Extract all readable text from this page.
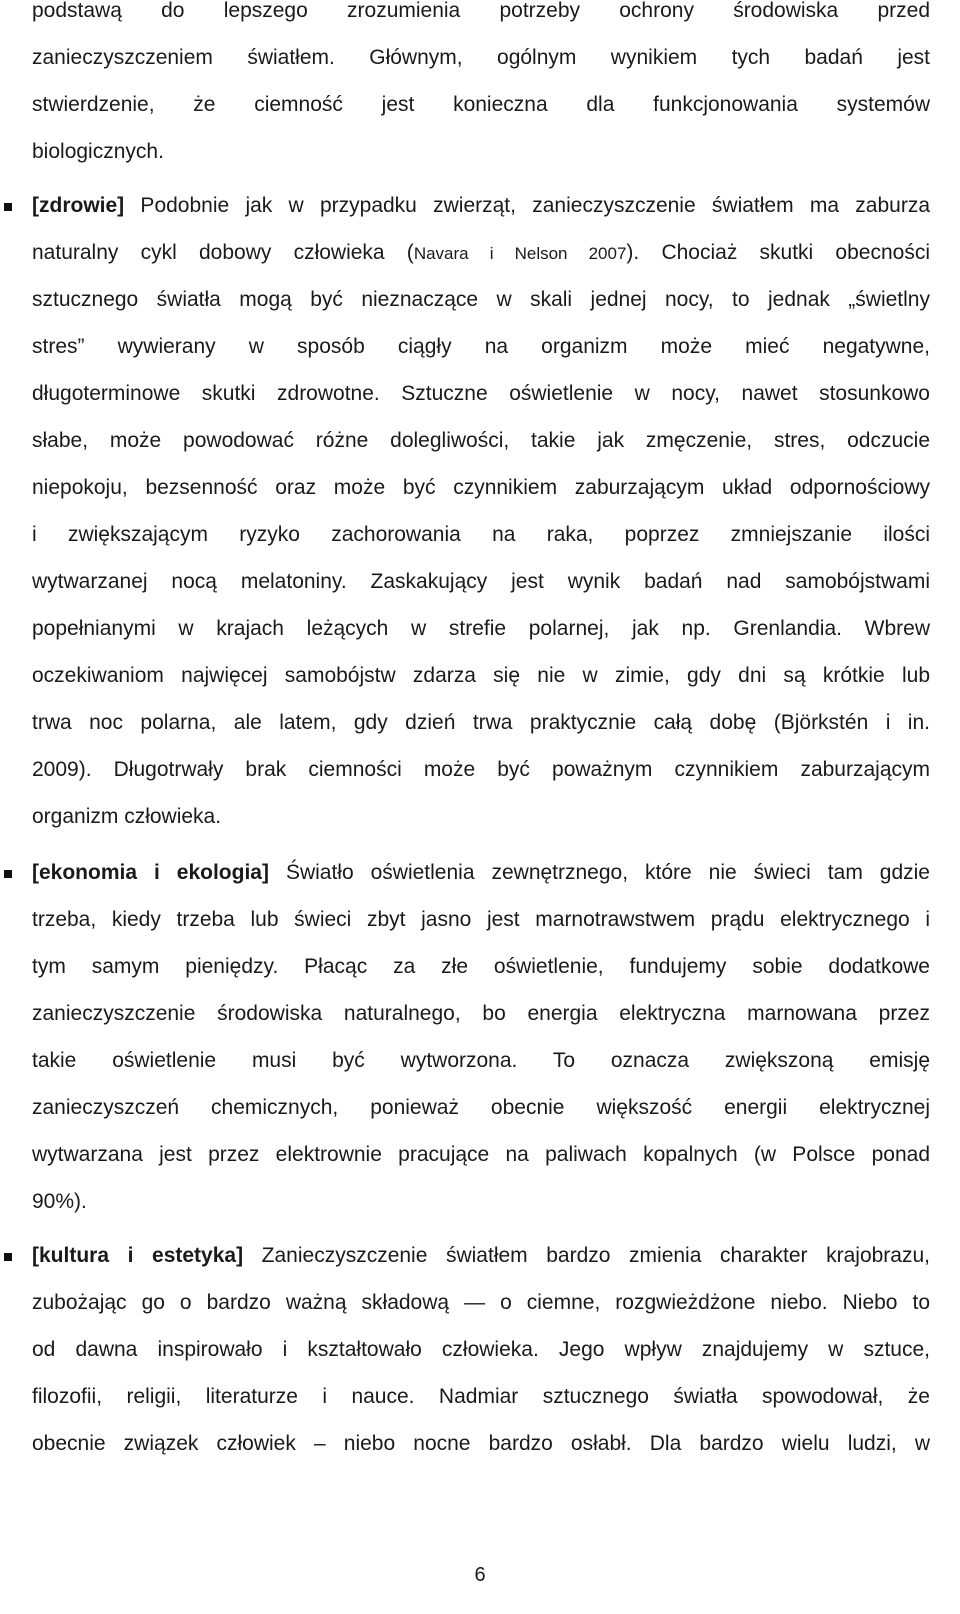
podstawą do lepszego zrozumienia potrzeby ochrony środowiska przed
zanieczyszczeniem światłem. Głównym, ogólnym wynikiem tych badań jest
stwierdzenie, że ciemność jest konieczna dla funkcjonowania systemów
biologicznych.
[zdrowie] Podobnie jak w przypadku zwierząt, zanieczyszczenie światłem ma zaburza
naturalny cykl dobowy człowieka (Navara i Nelson 2007). Chociaż skutki obecności
sztucznego światła mogą być nieznaczące w skali jednej nocy, to jednak „świetlny
stres” wywierany w sposób ciągły na organizm może mieć negatywne,
długoterminowe skutki zdrowotne. Sztuczne oświetlenie w nocy, nawet stosunkowo
słabe, może powodować różne dolegliwości, takie jak zmęczenie, stres, odczucie
niepokoju, bezsenność oraz może być czynnikiem zaburzającym układ odpornościowy
i zwiększającym ryzyko zachorowania na raka, poprzez zmniejszanie ilości
wytwarzanej nocą melatoniny. Zaskakujący jest wynik badań nad samobójstwami
popełnianymi w krajach leżących w strefie polarnej, jak np. Grenlandia. Wbrew
oczekiwaniom najwięcej samobójstw zdarza się nie w zimie, gdy dni są krótkie lub
trwa noc polarna, ale latem, gdy dzień trwa praktycznie całą dobę (Björkstén i in.
2009). Długotrwały brak ciemności może być poważnym czynnikiem zaburzającym
organizm człowieka.
[ekonomia i ekologia] Światło oświetlenia zewnętrznego, które nie świeci tam gdzie
trzeba, kiedy trzeba lub świeci zbyt jasno jest marnotrawstwem prądu elektrycznego i
tym samym pieniędzy. Płacąc za złe oświetlenie, fundujemy sobie dodatkowe
zanieczyszczenie środowiska naturalnego, bo energia elektryczna marnowana przez
takie oświetlenie musi być wytworzona. To oznacza zwiększoną emisję
zanieczyszczeń chemicznych, ponieważ obecnie większość energii elektrycznej
wytwarzana jest przez elektrownie pracujące na paliwach kopalnych (w Polsce ponad
90%).
[kultura i estetyka] Zanieczyszczenie światłem bardzo zmienia charakter krajobrazu,
zubożając go o bardzo ważną składową — o ciemne, rozgwieżdżone niebo. Niebo to
od dawna inspirowało i kształtowało człowieka. Jego wpływ znajdujemy w sztuce,
filozofii, religii, literaturze i nauce. Nadmiar sztucznego światła spowodował, że
obecnie związek człowiek – niebo nocne bardzo osłabł. Dla bardzo wielu ludzi, w
6
